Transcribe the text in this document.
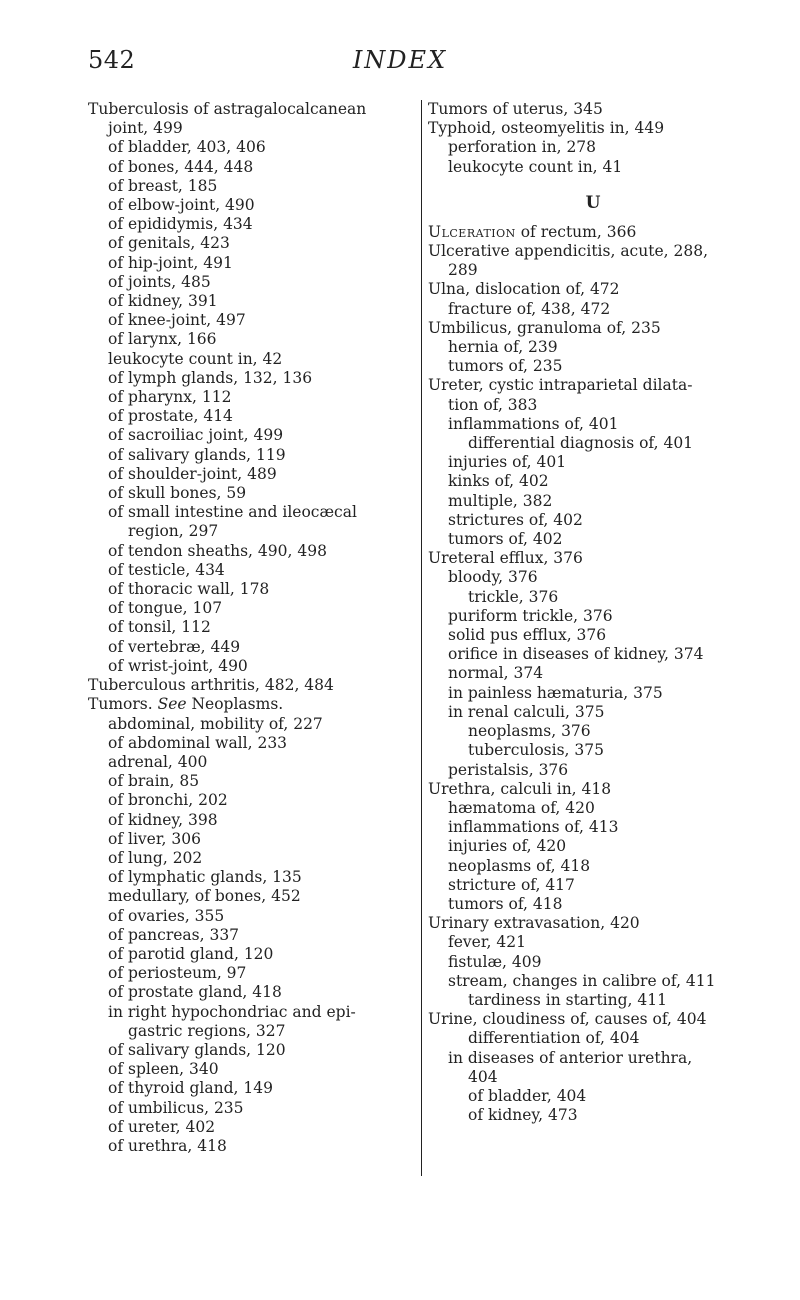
542	INDEX
Tuberculosis of astragalocalcanean
joint, 499
of bladder, 403, 406
of bones, 444, 448
of breast, 185
of elbow-joint, 490
of epididymis, 434
of genitals, 423
of hip-joint, 491
of joints, 485
of kidney, 391
of knee-joint, 497
of larynx, 166
leukocyte count in, 42
of lymph glands, 132, 136
of pharynx, 112
of prostate, 414
of sacroiliac joint, 499
of salivary glands, 119
of shoulder-joint, 489
of skull bones, 59
of small intestine and ileocæcal
region, 297
of tendon sheaths, 490, 498
of testicle, 434
of thoracic wall, 178
of tongue, 107
of tonsil, 112
of vertebræ, 449
of wrist-joint, 490
Tuberculous arthritis, 482, 484
Tumors. See Neoplasms.
abdominal, mobility of, 227
of abdominal wall, 233
adrenal, 400
of brain, 85
of bronchi, 202
of kidney, 398
of liver, 306
of lung, 202
of lymphatic glands, 135
medullary, of bones, 452
of ovaries, 355
of pancreas, 337
of parotid gland, 120
of periosteum, 97
of prostate gland, 418
in right hypochondriac and epi-
gastric regions, 327
of salivary glands, 120
of spleen, 340
of thyroid gland, 149
of umbilicus, 235
of ureter, 402
of urethra, 418
Tumors of uterus, 345
Typhoid, osteomyelitis in, 449
perforation in, 278
leukocyte count in, 41
U
Ulceration of rectum, 366
Ulcerative appendicitis, acute, 288,
289
Ulna, dislocation of, 472
fracture of, 438, 472
Umbilicus, granuloma of, 235
hernia of, 239
tumors of, 235
Ureter, cystic intraparietal dilata-
tion of, 383
inflammations of, 401
differential diagnosis of, 401
injuries of, 401
kinks of, 402
multiple, 382
strictures of, 402
tumors of, 402
Ureteral efflux, 376
bloody, 376
trickle, 376
puriform trickle, 376
solid pus efflux, 376
orifice in diseases of kidney, 374
normal, 374
in painless hæmaturia, 375
in renal calculi, 375
neoplasms, 376
tuberculosis, 375
peristalsis, 376
Urethra, calculi in, 418
hæmatoma of, 420
inflammations of, 413
injuries of, 420
neoplasms of, 418
stricture of, 417
tumors of, 418
Urinary extravasation, 420
fever, 421
fistulæ, 409
stream, changes in calibre of, 411
tardiness in starting, 411
Urine, cloudiness of, causes of, 404
differentiation of, 404
in diseases of anterior urethra,
404
of bladder, 404
of kidney, 473
